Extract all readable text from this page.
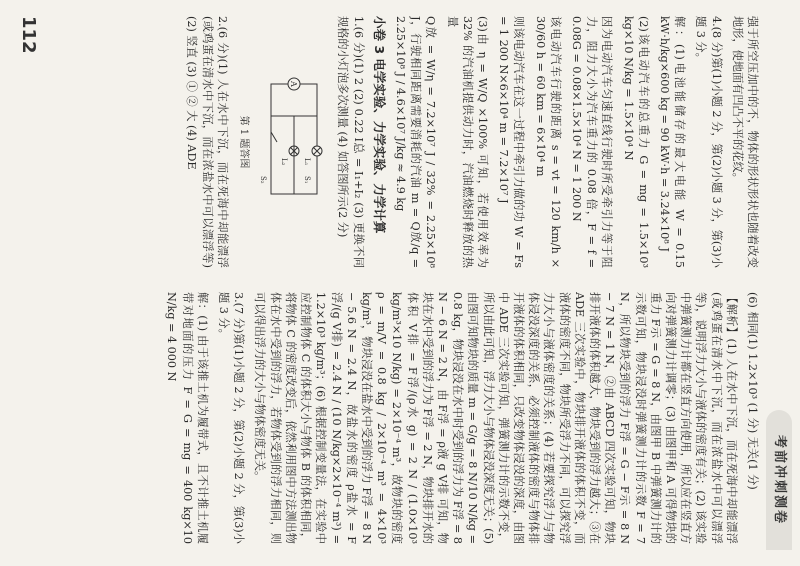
112
考前冲刺测卷

强于所空压加中的不，物体的形状形状也随着改变地形，使地面有凹凸不平的花纹。

4.(8 分)第(1)小题 2 分，第(2)小题 3 分，第(3)小题 3 分。

解：(1)电池能储存的最大电能 W = 0.15 kW·h/kg×600 kg = 90 kW·h = 3.24×10⁸ J

(2)该电动汽车的总重力 G = mg = 1.5×10³ kg×10 N/kg = 1.5×10⁴ N

因为电动汽车匀速直线行驶时所受牵引力等于阻力，阻力大小为汽车重力的 0.08 倍，F = f = 0.08G = 0.08×1.5×10⁴ N = 1 200 N

该电动汽车行驶的距离 s = vt = 120 km/h × 30/60 h = 60 km = 6×10⁴ m

则该电动汽车在这一过程中牵引力做的功 W = Fs = 1 200 N×6×10⁴ m = 7.2×10⁷ J

(3)由 η = W/Q ×100% 可知，若使用效率为 32% 的汽油机提供动力时，汽油燃烧时释放的热量

Q放 = W/η = 7.2×10⁷ J / 32% = 2.25×10⁸ J，行驶相同距离需要消耗的汽油 m = Q放/q = 2.25×10⁸ J / 4.6×10⁷ J/kg ≈ 4.9 kg

小卷 3 电学实验、力学实验、力学计算

1.(6 分)(1) 2 (2) 0.22 I总 = I₁+I₂ (3) 更换不同规格的小灯泡多次测量 (4) 如答图所示(2 分)

A
L₁
L₂
S₁
S₂

第 1 题答图

2.(6 分)(1) 人在水中下沉，而在死海中却能漂浮(或鸡蛋在清水中下沉，而在浓盐水中可以漂浮等) (2) 竖直 (3) ① ② 大 (4) ADE

(6) 相同(1) 1.2×10³ (1 分) 无关(1 分)

【解析】(1) 人在水中下沉，而在死海中却能漂浮(或鸡蛋在清水中下沉，而在浓盐水中可以漂浮等)，说明浮力大小与液体的密度有关；(2) 该实验中弹簧测力计都在竖直方向使用，所以应在竖直方向对弹簧测力计调零；(3) 由图甲和 A 可得物块的重力 F示 = G = 8 N，由图甲 B 中弹簧测力计的示数可知，物块浸没时弹簧测力计的示数 F = 7 N，所以物块受到的浮力 F浮 = G − F示 = 8 N − 7 N = 1 N，②由 ABCD 四次实验可知，物块排开液体的体积越大，物块受到的浮力越大；③在 ADE 三次实验中，物块排开液体的体积不变，而液体的密度不同，物块所受浮力不同，可以探究浮力大小与液体密度的关系；(4) 若要探究浮力与物体浸没深度的关系，必须控制液体的密度与物体排开液体的体积相同，只改变物体浸没的深度，由图中 ADE 三次实验可知，弹簧测力计的示数不变，所以由此可知，浮力大小与物体浸没深度无关；(5) 由图可知物块的质量 m = G/g = 8 N/10 N/kg = 0.8 kg，物块浸没在水中时受到的浮力为 F浮 = 8 N − 6 N = 2 N，由 F浮 = ρ液 g V排 可知，物块在水中受到的浮力为 F浮 = 2 N，物块排开水的体积 V排 = F浮/(ρ水 g) = 2 N / (1.0×10³ kg/m³×10 N/kg) = 2×10⁻⁴ m³，故物块的密度 ρ = m/V = 0.8 kg / 2×10⁻⁴ m³ = 4×10³ kg/m³，物块浸没在盐水中受到的浮力 F浮 = 8 N − 5.6 N = 2.4 N，故盐水的密度 ρ盐水 = F浮/(g V排) = 2.4 N / (10 N/kg×2×10⁻⁴ m³) = 1.2×10³ kg/m³；(6) 根据控制变量法，在实验中应控制物体 C 的体积大小与物体 B 的体积相同，将物体 C 的密度改变后，依然利用图中方法测出物体在水中受到的浮力，若物体受到的浮力相同，则可以得出浮力的大小与物体密度无关。

3.(7 分)第(1)小题 2 分，第(2)小题 2 分，第(3)小题 3 分。

解：(1) 由于该推土机为履带式，且不计推土机履带对地面的压力 F = G = mg = 400 kg×10 N/kg = 4 000 N
